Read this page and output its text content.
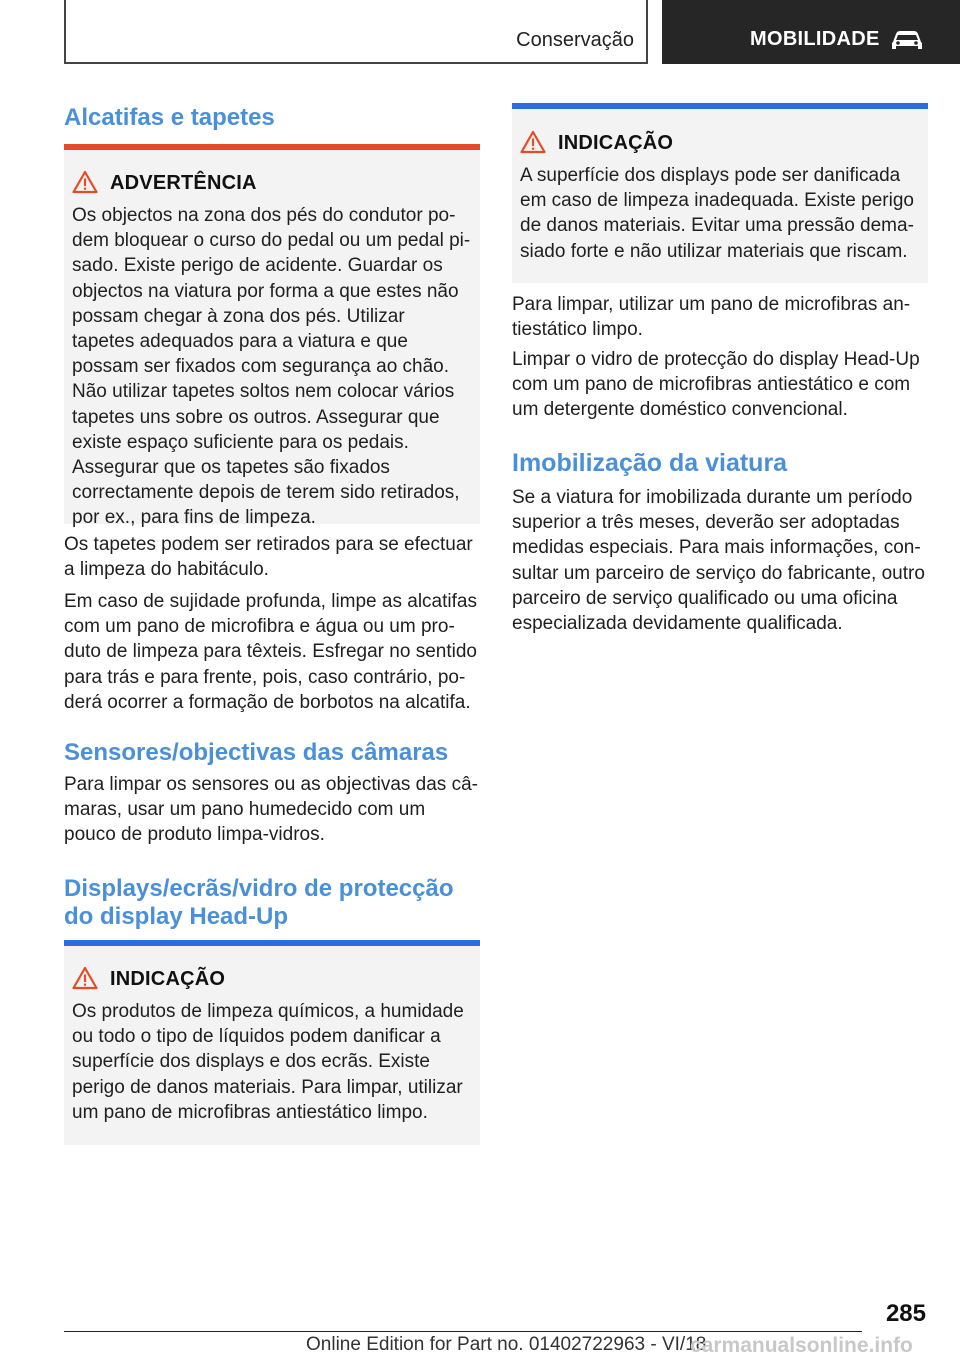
Conservação	MOBILIDADE
Alcatifas e tapetes
ADVERTÊNCIA
Os objectos na zona dos pés do condutor podem bloquear o curso do pedal ou um pedal pisado. Existe perigo de acidente. Guardar os objectos na viatura por forma a que estes não possam chegar à zona dos pés. Utilizar tapetes adequados para a viatura e que possam ser fixados com segurança ao chão. Não utilizar tapetes soltos nem colocar vários tapetes uns sobre os outros. Assegurar que existe espaço suficiente para os pedais. Assegurar que os tapetes são fixados correctamente depois de terem sido retirados, por ex., para fins de limpeza.

Os tapetes podem ser retirados para se efectuar a limpeza do habitáculo.

Em caso de sujidade profunda, limpe as alcatifas com um pano de microfibra e água ou um produto de limpeza para têxteis. Esfregar no sentido para trás e para frente, pois, caso contrário, poderá ocorrer a formação de borbotos na alcatifa.

Sensores/objectivas das câmaras

Para limpar os sensores ou as objectivas das câmaras, usar um pano humedecido com um pouco de produto limpa-vidros.

Displays/ecrãs/vidro de protecção do display Head-Up
INDICAÇÃO
Os produtos de limpeza químicos, a humidade ou todo o tipo de líquidos podem danificar a superfície dos displays e dos ecrãs. Existe perigo de danos materiais. Para limpar, utilizar um pano de microfibras antiestático limpo.
INDICAÇÃO
A superfície dos displays pode ser danificada em caso de limpeza inadequada. Existe perigo de danos materiais. Evitar uma pressão demasiado forte e não utilizar materiais que riscam.

Para limpar, utilizar um pano de microfibras antiestático limpo.

Limpar o vidro de protecção do display Head-Up com um pano de microfibras antiestático e com um detergente doméstico convencional.

Imobilização da viatura

Se a viatura for imobilizada durante um período superior a três meses, deverão ser adoptadas medidas especiais. Para mais informações, consultar um parceiro de serviço do fabricante, outro parceiro de serviço qualificado ou uma oficina especializada devidamente qualificada.

285
Online Edition for Part no. 01402722963 - VI/18
carmanualsonline.info
